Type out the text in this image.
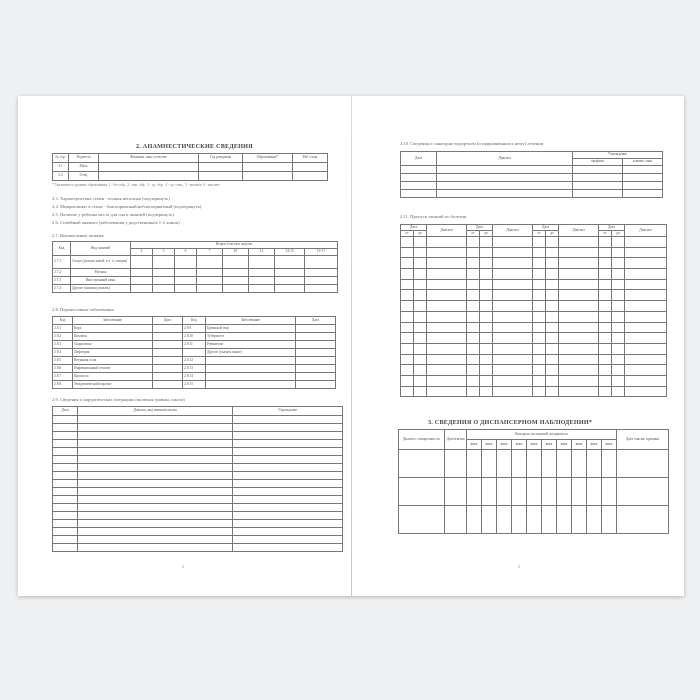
2. АНАМНЕСТИЧЕСКИЕ СВЕДЕНИЯ
№ стр.	Родитель	Фамилия, имя, отчество	Год рождения	Образование*	Раб./стаж
2.1	Мать				
2.2	Отец				
* Указывается уровень образования: 1 - без обр., 2 - нач. обр., 3 - ср. обр., 4 - ср. спец., 5 - высшее, 6 - высшее
2.3. Характеристика семьи - полная неполная (подчеркнуть)
2.4. Микроклимат в семье - благоприятный/неблагоприятный (подчеркнуть)
2.5. Наличие у ребенка места для сна и занятий (подчеркнуть)
2.6. Семейный анамнез (заболевания у родственников 1-2 линии)
2.7. Внешкольные занятия
Код	Вид занятий	Возраст/часов в неделю							
		4	5	6	7	10	12	14-15	16-17
2.7.1	Спорт (указать какой, в т. ч. секции)								
2.7.2	Музыка								
2.7.3	Иностранный язык								
2.7.4	Другие занятия (указать)								
2.8. Перенесенные заболевания
Код	Заболевание	Дата	Код	Заболевание	Дата
2.8.1	Корь		2.8.9	Брюшной тиф	
2.8.2	Коклюш		2.8.10	Туберкулез	
2.8.3	Скарлатина		2.8.11	Ревматизм	
2.8.4	Дифтерия			Другие (указать какие)	
2.8.5	Ветряная оспа		2.8.12		
2.8.6	Инфекционный гепатит		2.8.13		
2.8.7	Краснуха		2.8.14		
2.8.8	Эпидемический паротит		2.8.15		
2.9. Сведения о хирургических операциях (включая травмы, ожоги)
Дата	Диагноз, вид вмешательства	Учреждение

2
2.10. Сведения о санаторно-курортном (и приравненном к нему) лечении
Дата	Диагноз	Учреждение	
		профиль	климат. зона

2.11. Пропуск занятий по болезни
Дата		Диагноз	Дата		Диагноз	Дата		Диагноз	Дата		Диагноз
от	до		от	до		от	до		от	до	

3. СВЕДЕНИЯ О ДИСПАНСЕРНОМ НАБЛЮДЕНИИ*
Диагноз, специальность	Дата взятия	Контроль посещений специалиста										Дата снятия, причина
		явка	явка	явка	явка	явка	явка	явка	явка	явка	явка	

3
